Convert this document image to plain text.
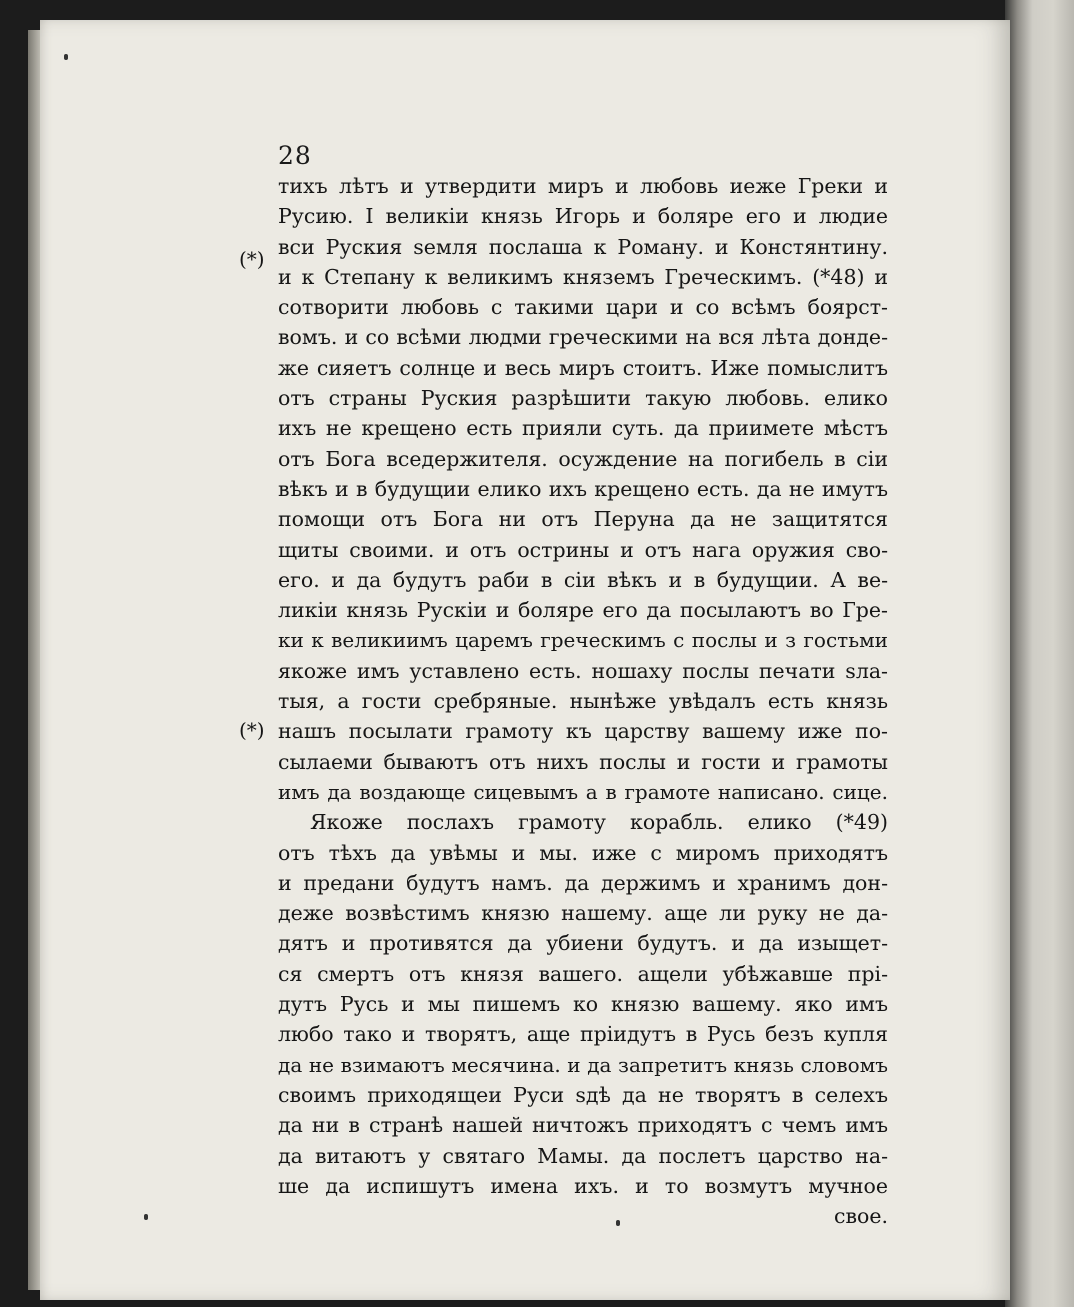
28
(*)
(*)
тихъ лѣтъ и утвердити миръ и любовь иеже Греки и
Русию. І великіи князь Игорь и боляре его и людие
вси Руския ѕемля послаша к Роману. и Констянтину.
и к Степану к великимъ княземъ Греческимъ. (*48) и
сотворити любовь с такими цари и со всѣмъ боярст-
вомъ. и со всѣми людми греческими на вся лѣта донде-
же сияетъ солнце и весь миръ стоитъ. Иже помыслитъ
отъ страны Руския разрѣшити такую любовь. елико
ихъ не крещено есть прияли суть. да приимете мѣстъ
отъ Бога вседержителя. осуждение на погибель в сіи
вѣкъ и в будущии елико ихъ крещено есть. да не имутъ
помощи отъ Бога ни отъ Перуна да не защитятся
щиты своими. и отъ острины и отъ нага оружия сво-
его. и да будутъ раби в сіи вѣкъ и в будущии. А ве-
ликіи князь Рускіи и боляре его да посылаютъ во Гре-
ки к великиимъ царемъ греческимъ с послы и з гостьми
якоже имъ уставлено есть. ношаху послы печати ѕла-
тыя, а гости сребряные. нынѣже увѣдалъ есть князь
нашъ посылати грамоту къ царству вашему иже по-
сылаеми бываютъ отъ нихъ послы и гости и грамоты
имъ да воздающе сицевымъ а в грамоте написано. сице.
Якоже послахъ грамоту корабль. елико (*49)
отъ тѣхъ да увѣмы и мы. иже с миромъ приходятъ
и предани будутъ намъ. да держимъ и хранимъ дон-
деже возвѣстимъ князю нашему. аще ли руку не да-
дятъ и противятся да убиени будутъ. и да изыщет-
ся смертъ отъ князя вашего. ащели убѣжавше прі-
дутъ Русь и мы пишемъ ко князю вашему. яко имъ
любо тако и творятъ, аще пріидутъ в Русь безъ купля
да не взимаютъ месячина. и да запретитъ князь словомъ
своимъ приходящеи Руси ѕдѣ да не творятъ в селехъ
да ни в странѣ нашей ничтожъ приходятъ с чемъ имъ
да витаютъ у святаго Мамы. да послетъ царство на-
ше да испишутъ имена ихъ. и то возмутъ мучное
свое.
